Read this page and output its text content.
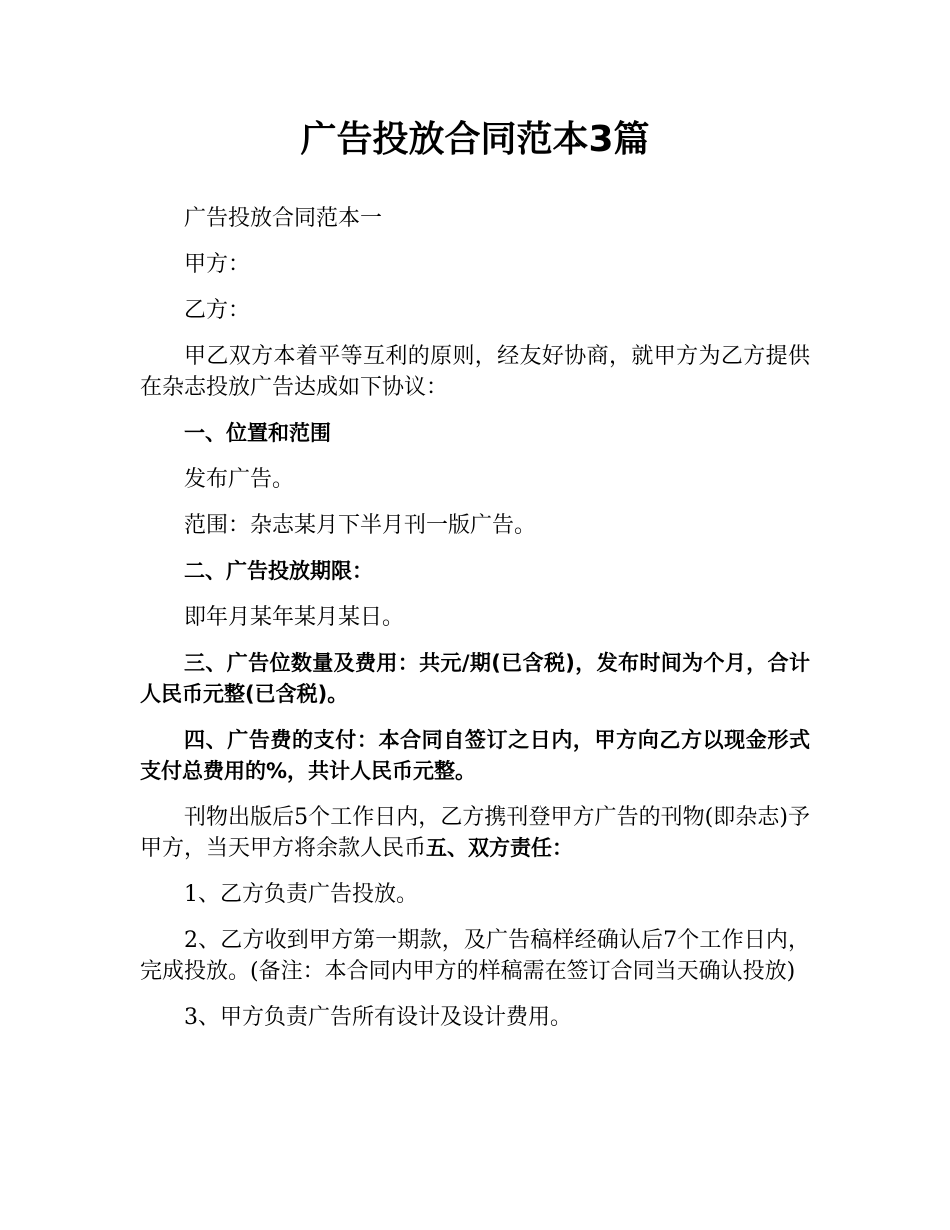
广告投放合同范本3篇

广告投放合同范本一

甲方：

乙方：

甲乙双方本着平等互利的原则，经友好协商，就甲方为乙方提供在杂志投放广告达成如下协议：

一、位置和范围

发布广告。

范围：杂志某月下半月刊一版广告。

二、广告投放期限：

即年月某年某月某日。

三、广告位数量及费用：共元/期(已含税)，发布时间为个月，合计人民币元整(已含税)。

四、广告费的支付：本合同自签订之日内，甲方向乙方以现金形式支付总费用的%，共计人民币元整。

刊物出版后5个工作日内，乙方携刊登甲方广告的刊物(即杂志)予甲方，当天甲方将余款人民币五、双方责任：

1、乙方负责广告投放。

2、乙方收到甲方第一期款，及广告稿样经确认后7个工作日内，完成投放。(备注：本合同内甲方的样稿需在签订合同当天确认投放)

3、甲方负责广告所有设计及设计费用。
